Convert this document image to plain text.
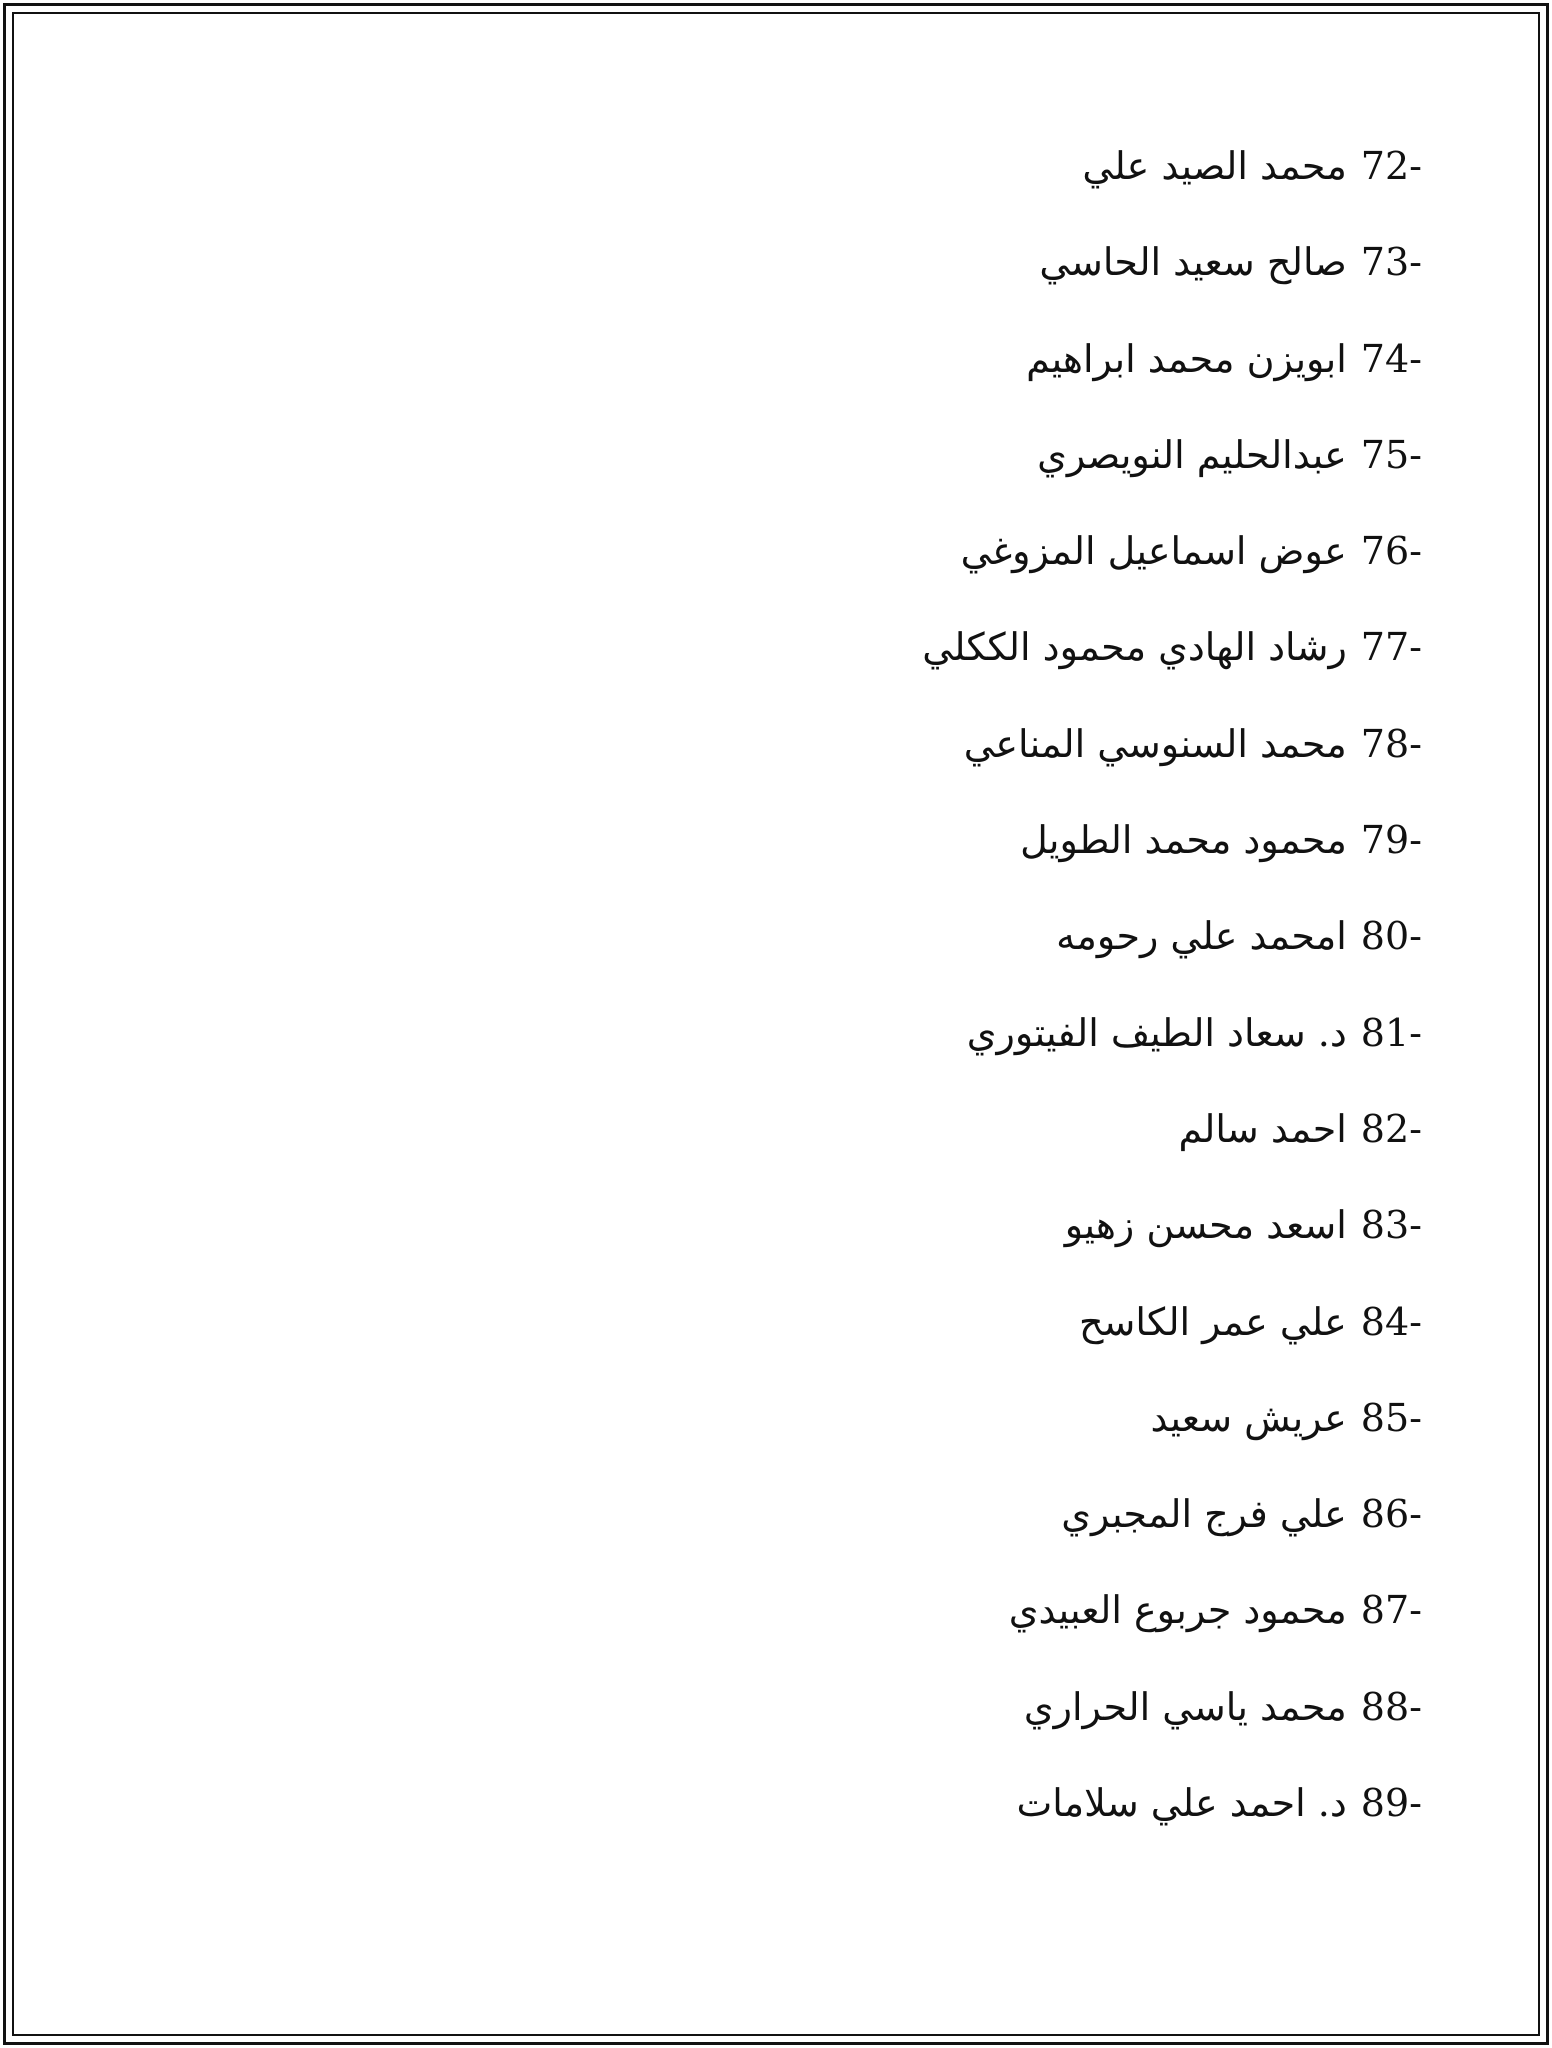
72-محمد الصيد علي
73-صالح سعيد الحاسي
74-ابويزن محمد ابراهيم
75-عبدالحليم النويصري
76-عوض اسماعيل المزوغي
77-رشاد الهادي محمود الككلي
78-محمد السنوسي المناعي
79-محمود محمد الطويل
80-امحمد علي رحومه
81-د. سعاد الطيف الفيتوري
82-احمد سالم
83-اسعد محسن زهيو
84-علي عمر الكاسح
85-عريش سعيد
86-علي فرج المجبري
87-محمود جربوع العبيدي
88-محمد ياسي الحراري
89-د. احمد علي سلامات
